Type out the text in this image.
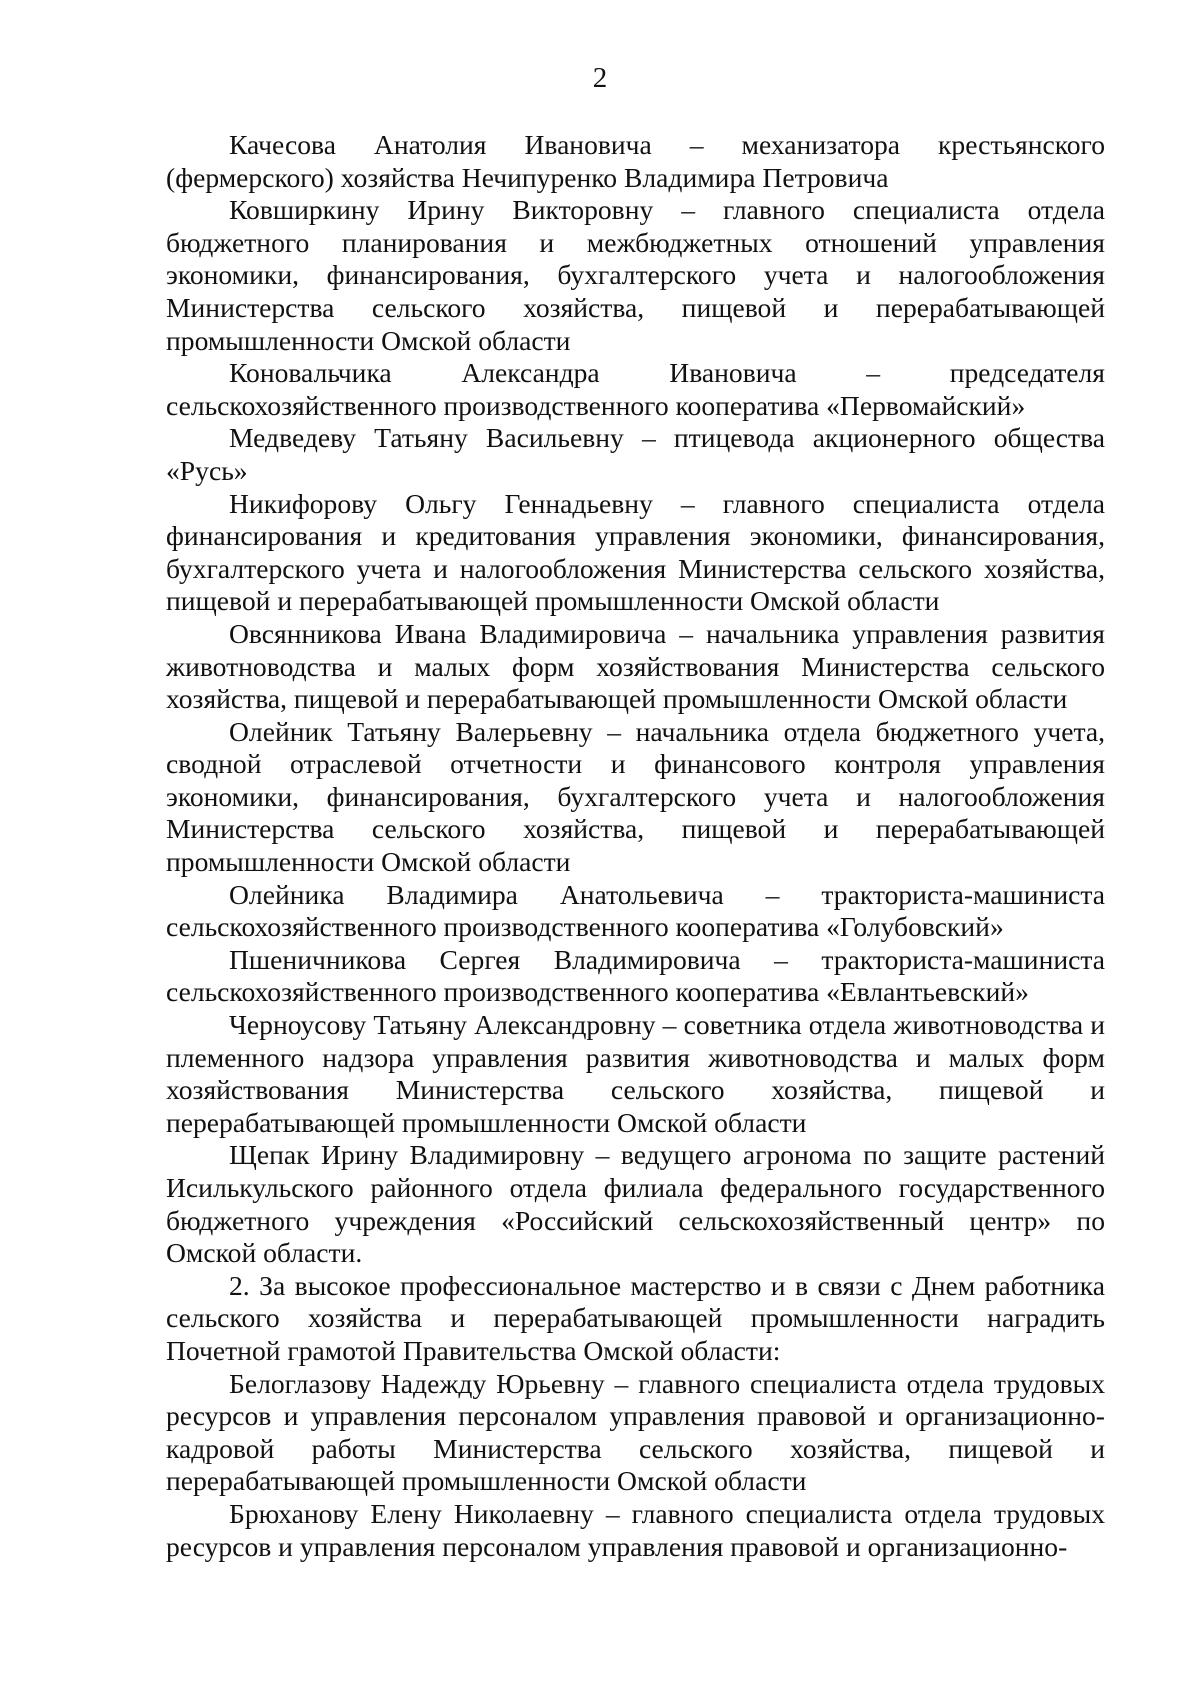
2

Качесова Анатолия Ивановича – механизатора крестьянского (фермерского) хозяйства Нечипуренко Владимира Петровича

Ковширкину Ирину Викторовну – главного специалиста отдела бюджетного планирования и межбюджетных отношений управления экономики, финансирования, бухгалтерского учета и налогообложения Министерства сельского хозяйства, пищевой и перерабатывающей промышленности Омской области

Коновальчика Александра Ивановича – председателя сельскохозяйственного производственного кооператива «Первомайский»

Медведеву Татьяну Васильевну – птицевода акционерного общества «Русь»

Никифорову Ольгу Геннадьевну – главного специалиста отдела финансирования и кредитования управления экономики, финансирования, бухгалтерского учета и налогообложения Министерства сельского хозяйства, пищевой и перерабатывающей промышленности Омской области

Овсянникова Ивана Владимировича – начальника управления развития животноводства и малых форм хозяйствования Министерства сельского хозяйства, пищевой и перерабатывающей промышленности Омской области

Олейник Татьяну Валерьевну – начальника отдела бюджетного учета, сводной отраслевой отчетности и финансового контроля управления экономики, финансирования, бухгалтерского учета и налогообложения Министерства сельского хозяйства, пищевой и перерабатывающей промышленности Омской области

Олейника Владимира Анатольевича – тракториста-машиниста сельскохозяйственного производственного кооператива «Голубовский»

Пшеничникова Сергея Владимировича – тракториста-машиниста сельскохозяйственного производственного кооператива «Евлантьевский»

Черноусову Татьяну Александровну – советника отдела животноводства и племенного надзора управления развития животноводства и малых форм хозяйствования Министерства сельского хозяйства, пищевой и перерабатывающей промышленности Омской области

Щепак Ирину Владимировну – ведущего агронома по защите растений Исилькульского районного отдела филиала федерального государственного бюджетного учреждения «Российский сельскохозяйственный центр» по Омской области.

2. За высокое профессиональное мастерство и в связи с Днем работника сельского хозяйства и перерабатывающей промышленности наградить Почетной грамотой Правительства Омской области:

Белоглазову Надежду Юрьевну – главного специалиста отдела трудовых ресурсов и управления персоналом управления правовой и организационно-кадровой работы Министерства сельского хозяйства, пищевой и перерабатывающей промышленности Омской области

Брюханову Елену Николаевну – главного специалиста отдела трудовых ресурсов и управления персоналом управления правовой и организационно-
